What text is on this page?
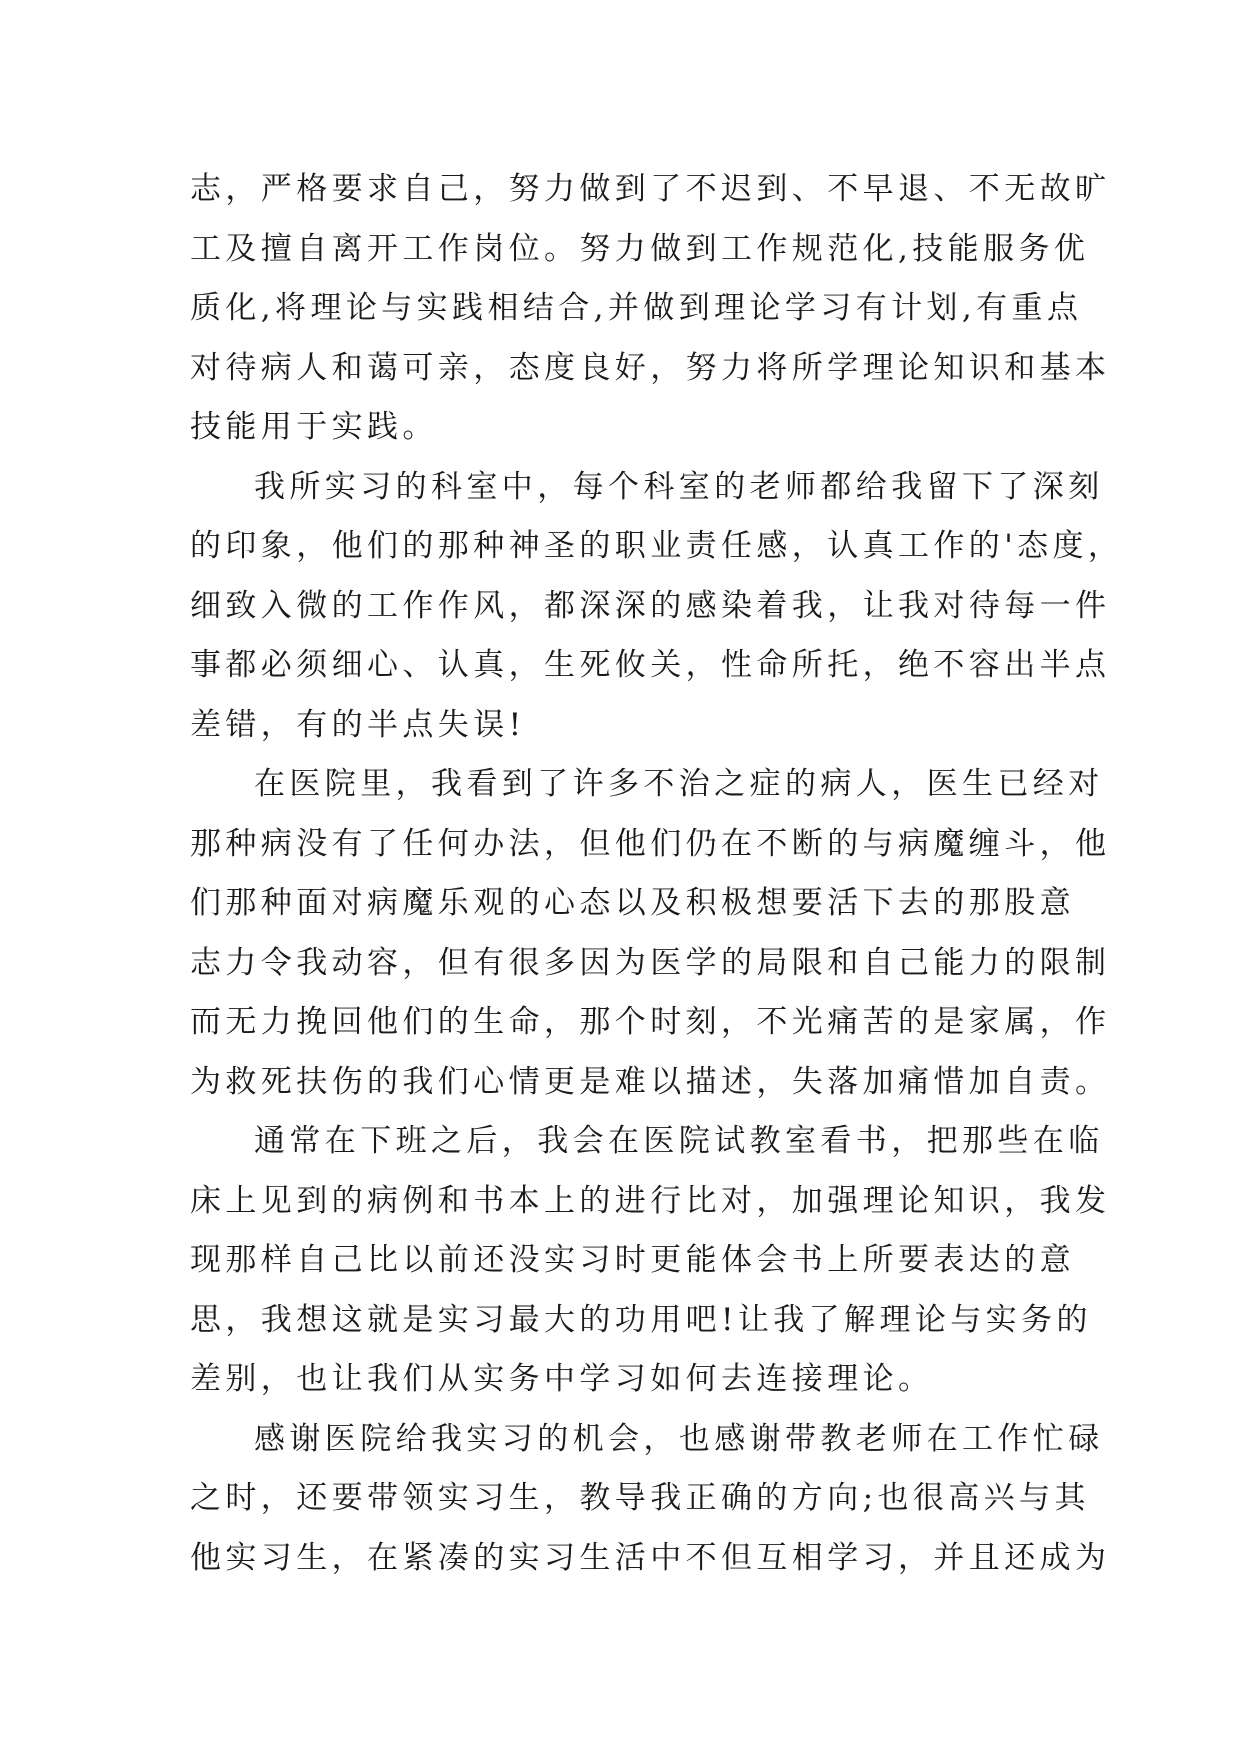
志，严格要求自己，努力做到了不迟到、不早退、不无故旷
工及擅自离开工作岗位。努力做到工作规范化,技能服务优
质化,将理论与实践相结合,并做到理论学习有计划,有重点
对待病人和蔼可亲，态度良好，努力将所学理论知识和基本
技能用于实践。
我所实习的科室中，每个科室的老师都给我留下了深刻
的印象，他们的那种神圣的职业责任感，认真工作的'态度，
细致入微的工作作风，都深深的感染着我，让我对待每一件
事都必须细心、认真，生死攸关，性命所托，绝不容出半点
差错，有的半点失误!
在医院里，我看到了许多不治之症的病人，医生已经对
那种病没有了任何办法，但他们仍在不断的与病魔缠斗，他
们那种面对病魔乐观的心态以及积极想要活下去的那股意
志力令我动容，但有很多因为医学的局限和自己能力的限制
而无力挽回他们的生命，那个时刻，不光痛苦的是家属，作
为救死扶伤的我们心情更是难以描述，失落加痛惜加自责。
通常在下班之后，我会在医院试教室看书，把那些在临
床上见到的病例和书本上的进行比对，加强理论知识，我发
现那样自己比以前还没实习时更能体会书上所要表达的意
思，我想这就是实习最大的功用吧!让我了解理论与实务的
差别，也让我们从实务中学习如何去连接理论。
感谢医院给我实习的机会，也感谢带教老师在工作忙碌
之时，还要带领实习生，教导我正确的方向;也很高兴与其
他实习生，在紧凑的实习生活中不但互相学习，并且还成为
